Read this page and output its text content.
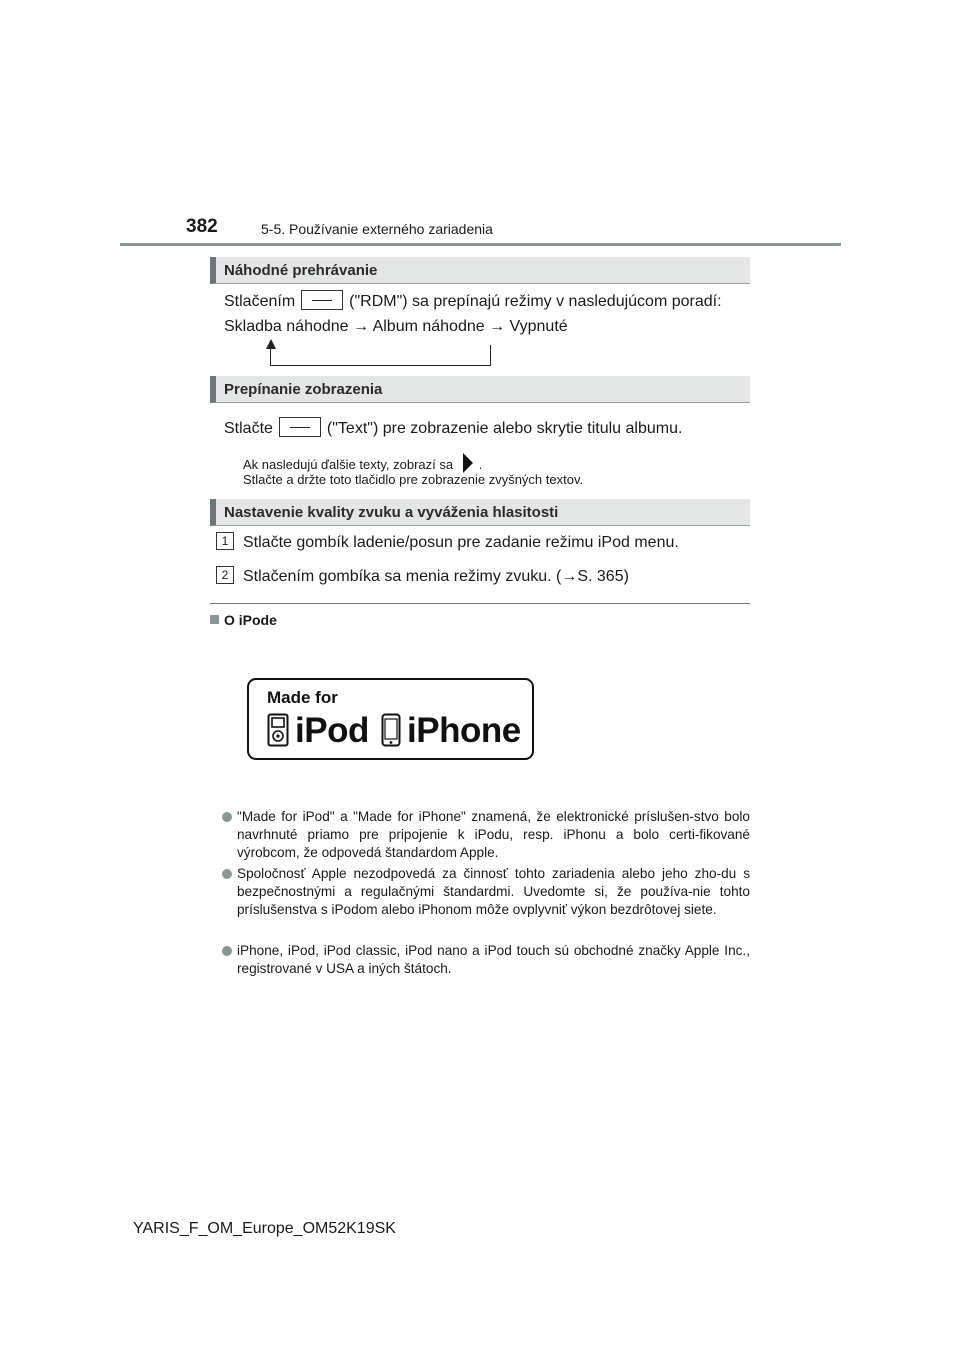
382	5-5. Používanie externého zariadenia
Náhodné prehrávanie
Stlačením	("RDM") sa prepínajú režimy v nasledujúcom poradí:
Skladba náhodne → Album náhodne → Vypnuté
Prepínanie zobrazenia
Stlačte	("Text") pre zobrazenie alebo skrytie titulu albumu.
Ak nasledujú ďalšie texty, zobrazí sa .
Stlačte a držte toto tlačidlo pre zobrazenie zvyšných textov.
Nastavenie kvality zvuku a vyváženia hlasitosti
1 Stlačte gombík ladenie/posun pre zadanie režimu iPod menu.
2 Stlačením gombíka sa menia režimy zvuku. (→S. 365)
O iPode
Made for
iPod iPhone
"Made for iPod" a "Made for iPhone" znamená, že elektronické príslušen-stvo bolo navrhnuté priamo pre pripojenie k iPodu, resp. iPhonu a bolo certi-fikované výrobcom, že odpovedá štandardom Apple.
Spoločnosť Apple nezodpovedá za činnosť tohto zariadenia alebo jeho zho-du s bezpečnostnými a regulačnými štandardmi. Uvedomte si, že používa-nie tohto príslušenstva s iPodom alebo iPhonom môže ovplyvniť výkon bezdrôtovej siete.
iPhone, iPod, iPod classic, iPod nano a iPod touch sú obchodné značky Apple Inc., registrované v USA a iných štátoch.
YARIS_F_OM_Europe_OM52K19SK
